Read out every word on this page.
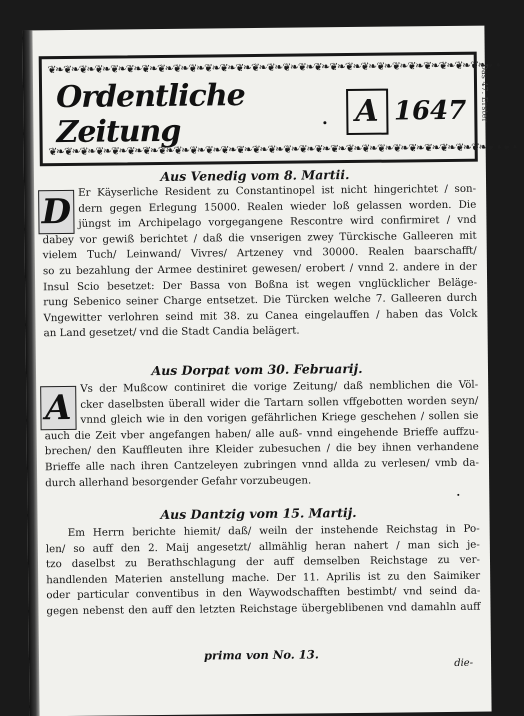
❦❧❦❧❦❧❦❧❦❧❦❧❦❧❦❧❦❧❦❧❦❧❦❧❦❧❦❧❦❧❦❧❦❧❦❧❦❧❦❧❦❧❦❧❦❧❦❧❦❧❦❧❦❧❦❧❦❧
Ordentliche Zeitung
A 1647
❦❧❦❧❦❧❦❧❦❧❦❧❦❧❦❧❦❧❦❧❦❧❦❧❦❧❦❧❦❧❦❧❦❧❦❧❦❧❦❧❦❧❦❧❦❧❦❧❦❧❦❧❦❧❦❧❦❧❦❧
Das 47. Erster
Aus Venedig vom 8. Martii.
D
Er Käyserliche Resident zu Constantinopel ist nicht hingerichtet / son-
dern gegen Erlegung 15000. Realen wieder loß gelassen worden. Die
jüngst im Archipelago vorgegangene Rescontre wird confirmiret / vnd
dabey vor gewiß berichtet / daß die vnserigen zwey Türckische Galleeren mit
vielem Tuch/ Leinwand/ Vivres/ Artzeney vnd 30000. Realen baarschafft/
so zu bezahlung der Armee destiniret gewesen/ erobert / vnnd 2. andere in der
Insul Scio besetzet: Der Bassa von Boßna ist wegen vnglücklicher Beläge-
rung Sebenico seiner Charge entsetzet. Die Türcken welche 7. Galleeren durch
Vngewitter verlohren seind mit 38. zu Canea eingelauffen / haben das Volck
an Land gesetzet/ vnd die Stadt Candia belägert.
Aus Dorpat vom 30. Februarij.
A
Vs der Mußcow continiret die vorige Zeitung/ daß nemblichen die Völ-
cker daselbsten überall wider die Tartarn sollen vffgebotten worden seyn/
vnnd gleich wie in den vorigen gefährlichen Kriege geschehen / sollen sie
auch die Zeit vber angefangen haben/ alle auß- vnnd eingehende Brieffe auffzu-
brechen/ den Kauffleuten ihre Kleider zubesuchen / die bey ihnen verhandene
Brieffe alle nach ihren Cantzeleyen zubringen vnnd allda zu verlesen/ vmb da-
durch allerhand besorgender Gefahr vorzubeugen.
Aus Dantzig vom 15. Martij.
Em Herrn berichte hiemit/ daß/ weiln der instehende Reichstag in Po-
len/ so auff den 2. Maij angesetzt/ allmählig heran nahert / man sich je-
tzo daselbst zu Berathschlagung der auff demselben Reichstage zu ver-
handlenden Materien anstellung mache. Der 11. Aprilis ist zu den Saimiker
oder particular conventibus in den Waywodschafften bestimbt/ vnd seind da-
gegen nebenst den auff den letzten Reichstage übergeblibenen vnd damahln auff
prima von No. 13.
die-
